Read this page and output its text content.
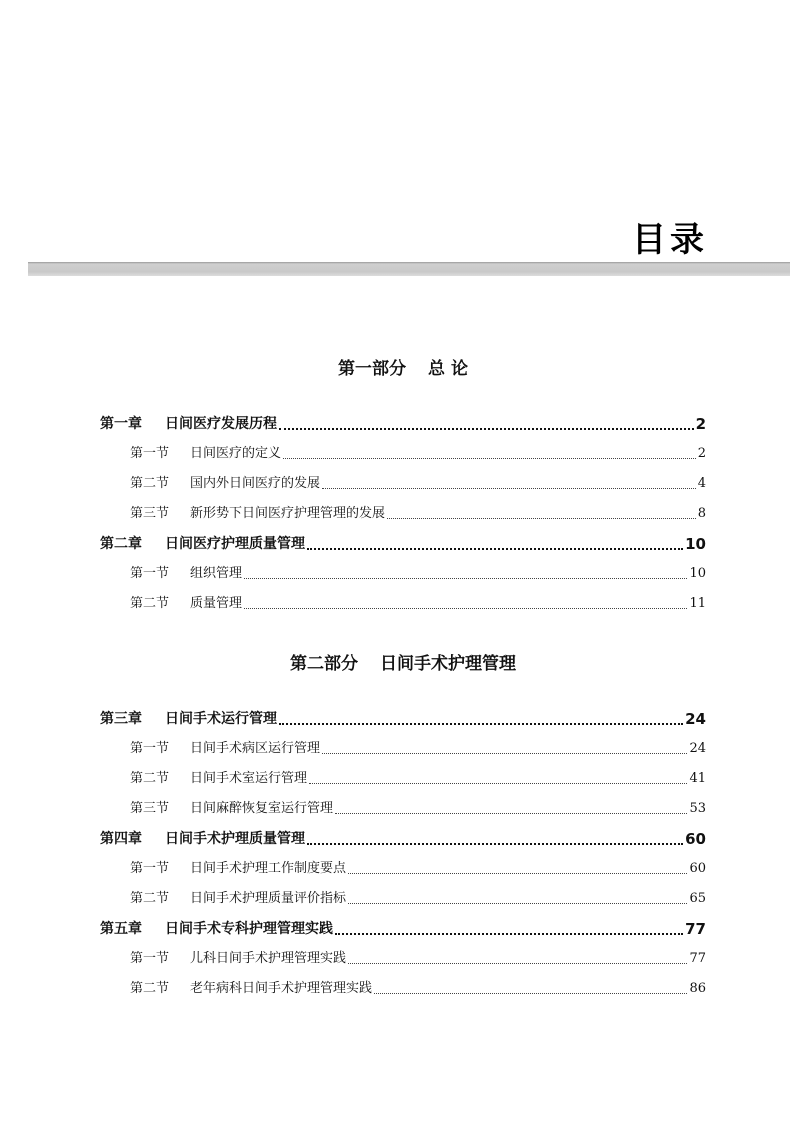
目录
第一部分 总 论
第一章	日间医疗发展历程	2
第一节	日间医疗的定义	2
第二节	国内外日间医疗的发展	4
第三节	新形势下日间医疗护理管理的发展	8
第二章	日间医疗护理质量管理	10
第一节	组织管理	10
第二节	质量管理	11
第二部分 日间手术护理管理
第三章	日间手术运行管理	24
第一节	日间手术病区运行管理	24
第二节	日间手术室运行管理	41
第三节	日间麻醉恢复室运行管理	53
第四章	日间手术护理质量管理	60
第一节	日间手术护理工作制度要点	60
第二节	日间手术护理质量评价指标	65
第五章	日间手术专科护理管理实践	77
第一节	儿科日间手术护理管理实践	77
第二节	老年病科日间手术护理管理实践	86
